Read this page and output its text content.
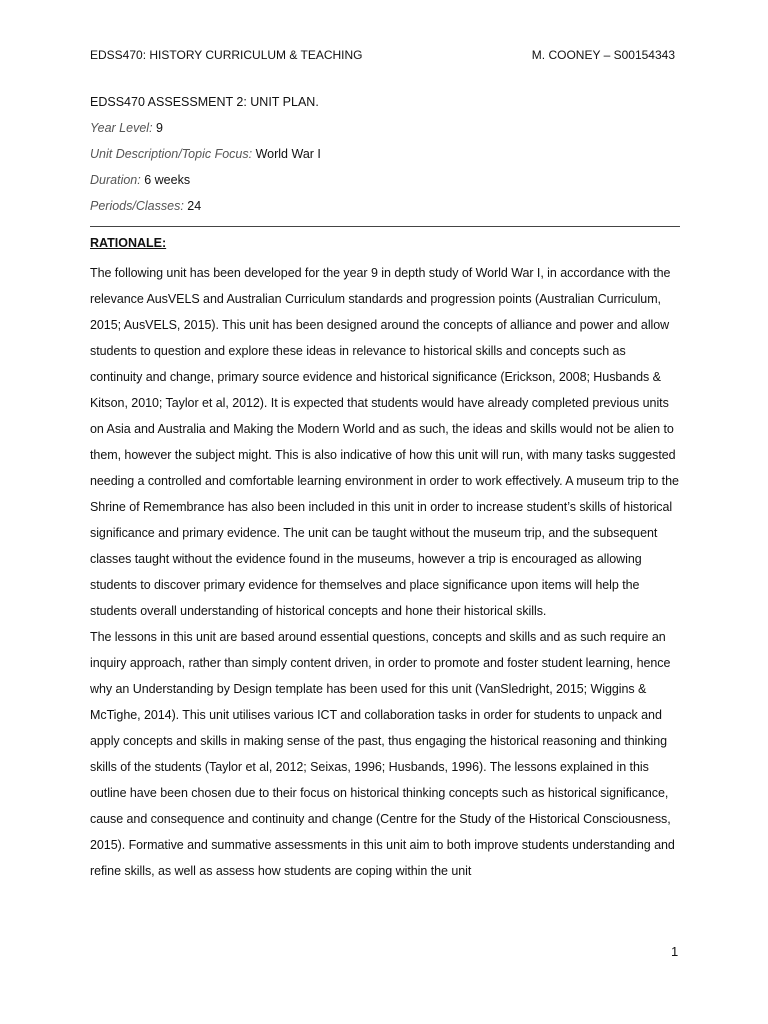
EDSS470: HISTORY CURRICULUM & TEACHING	M. COONEY – S00154343
EDSS470 ASSESSMENT 2: UNIT PLAN.
Year Level: 9
Unit Description/Topic Focus: World War I
Duration: 6 weeks
Periods/Classes: 24
RATIONALE:

The following unit has been developed for the year 9 in depth study of World War I, in accordance with the relevance AusVELS and Australian Curriculum standards and progression points (Australian Curriculum, 2015; AusVELS, 2015). This unit has been designed around the concepts of alliance and power and allow students to question and explore these ideas in relevance to historical skills and concepts such as continuity and change, primary source evidence and historical significance (Erickson, 2008; Husbands & Kitson, 2010; Taylor et al, 2012). It is expected that students would have already completed previous units on Asia and Australia and Making the Modern World and as such, the ideas and skills would not be alien to them, however the subject might. This is also indicative of how this unit will run, with many tasks suggested needing a controlled and comfortable learning environment in order to work effectively. A museum trip to the Shrine of Remembrance has also been included in this unit in order to increase student’s skills of historical significance and primary evidence. The unit can be taught without the museum trip, and the subsequent classes taught without the evidence found in the museums, however a trip is encouraged as allowing students to discover primary evidence for themselves and place significance upon items will help the students overall understanding of historical concepts and hone their historical skills.

The lessons in this unit are based around essential questions, concepts and skills and as such require an inquiry approach, rather than simply content driven, in order to promote and foster student learning, hence why an Understanding by Design template has been used for this unit (VanSledright, 2015; Wiggins & McTighe, 2014). This unit utilises various ICT and collaboration tasks in order for students to unpack and apply concepts and skills in making sense of the past, thus engaging the historical reasoning and thinking skills of the students (Taylor et al, 2012; Seixas, 1996; Husbands, 1996). The lessons explained in this outline have been chosen due to their focus on historical thinking concepts such as historical significance, cause and consequence and continuity and change (Centre for the Study of the Historical Consciousness, 2015). Formative and summative assessments in this unit aim to both improve students understanding and refine skills, as well as assess how students are coping within the unit

1
